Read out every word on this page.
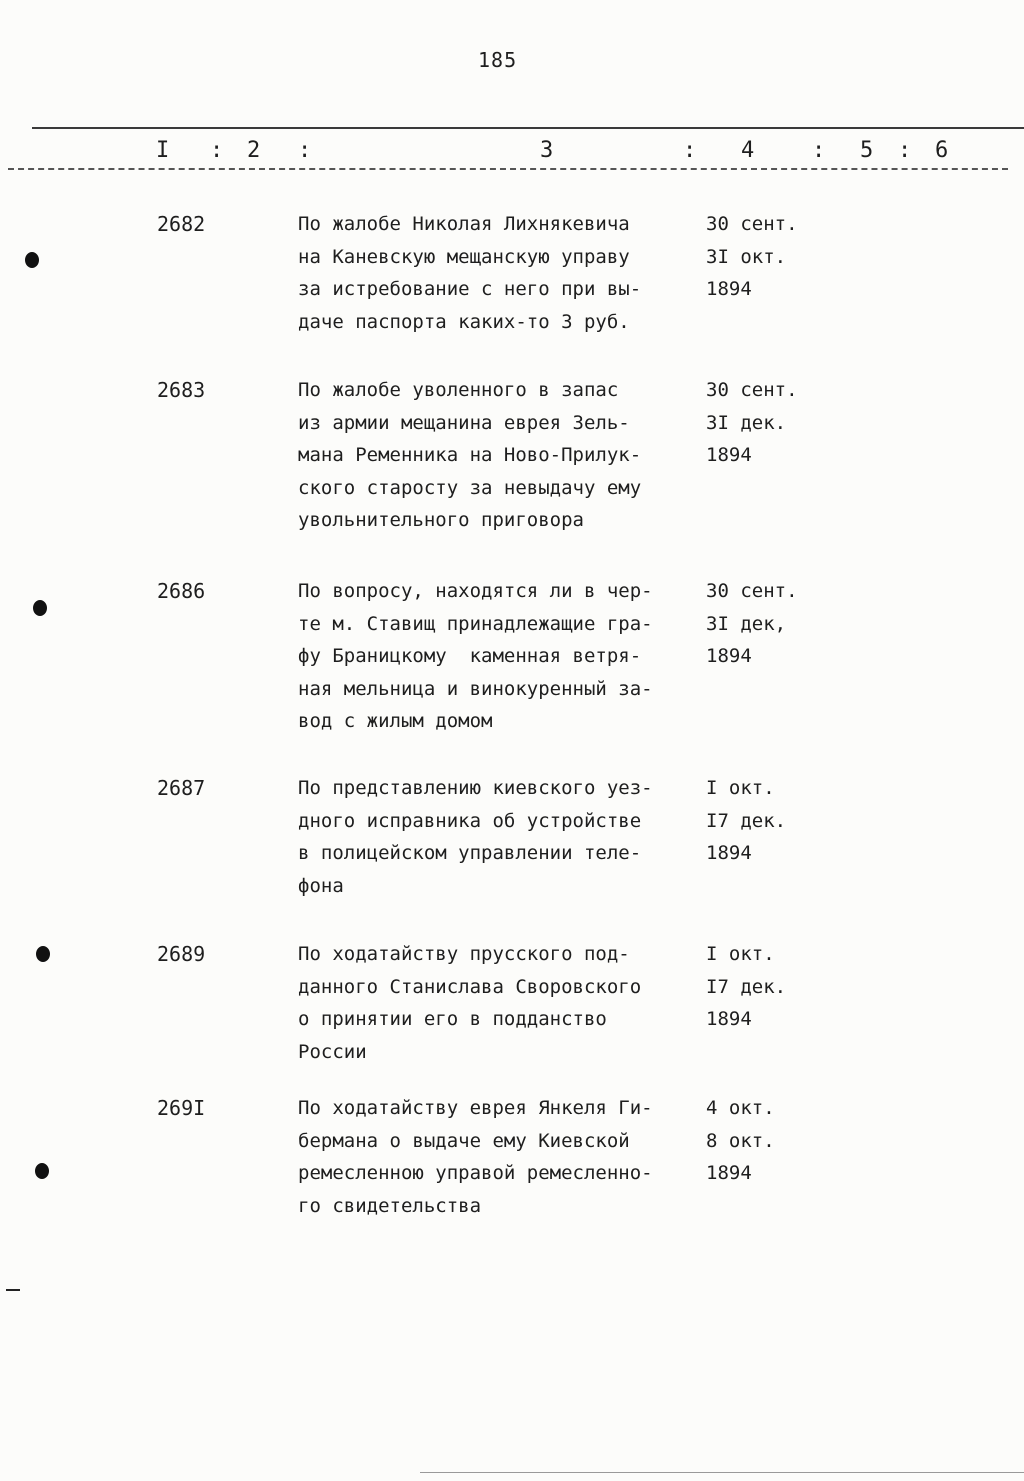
185
I : 2 :	3	: 4	: 5 : 6
2682	По жалобе Николая Лихнякевича
на Каневскую мещанскую управу
за истребование с него при вы-
даче паспорта каких-то 3 руб.
30 сент.
3I окт.
1894
2683	По жалобе уволенного в запас
из армии мещанина еврея Зель-
мана Ременника на Ново-Прилук-
ского старосту за невыдачу ему
увольнительного приговора
30 сент.
3I дек.
1894
2686	По вопросу, находятся ли в чер-
те м. Ставищ принадлежащие гра-
фу Браницкому  каменная ветря-
ная мельница и винокуренный за-
вод с жилым домом
30 сент.
3I дек,
1894
2687	По представлению киевского уез-
дного исправника об устройстве
в полицейском управлении теле-
фона
I окт.
I7 дек.
1894
2689	По ходатайству прусского под-
данного Станислава Своровского
о принятии его в подданство
России
I окт.
I7 дек.
1894
269I	По ходатайству еврея Янкеля Ги-
бермана о выдаче ему Киевской
ремесленною управой ремесленно-
го свидетельства
4 окт.
8 окт.
1894
